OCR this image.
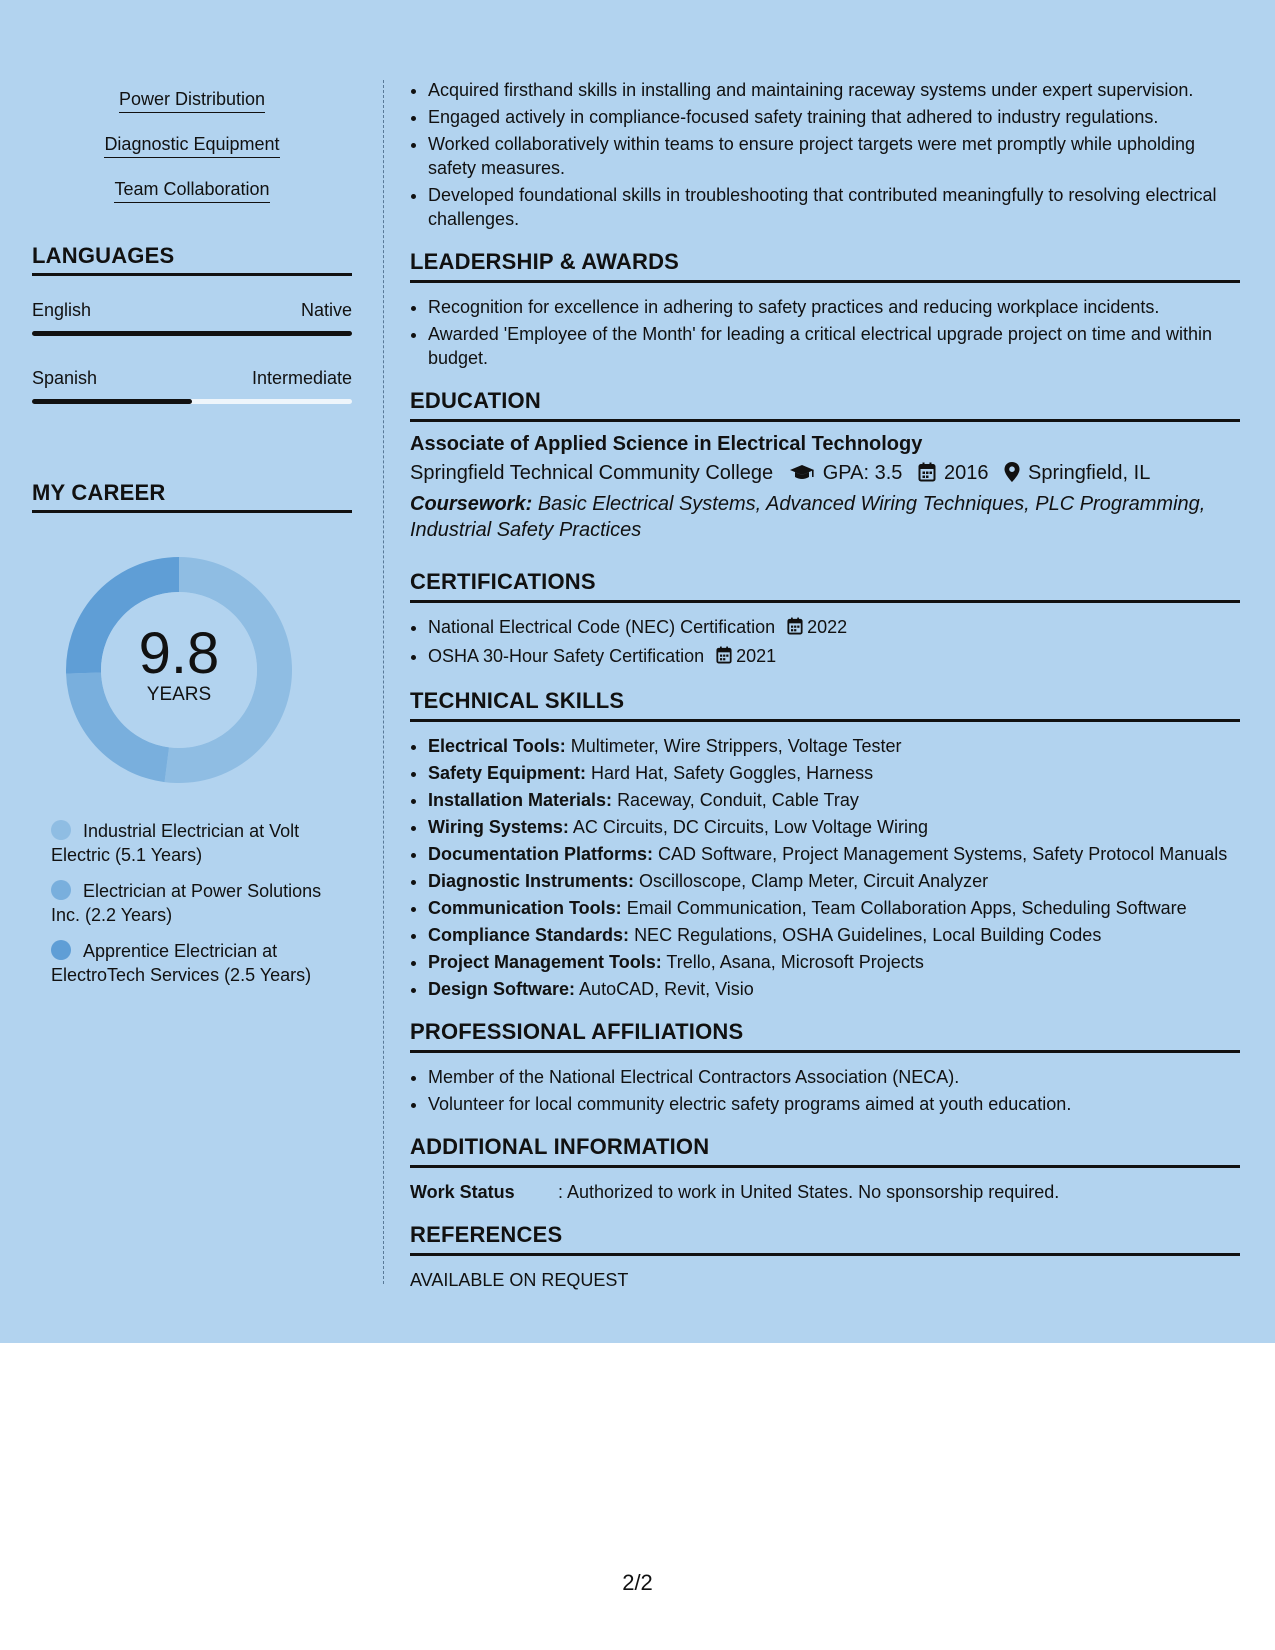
Power Distribution
Diagnostic Equipment
Team Collaboration
LANGUAGES
English	Native
Spanish	Intermediate
MY CAREER
9.8
YEARS
Industrial Electrician at Volt Electric (5.1 Years)
Electrician at Power Solutions Inc. (2.2 Years)
Apprentice Electrician at ElectroTech Services (2.5 Years)
• Acquired firsthand skills in installing and maintaining raceway systems under expert supervision.
• Engaged actively in compliance-focused safety training that adhered to industry regulations.
• Worked collaboratively within teams to ensure project targets were met promptly while upholding safety measures.
• Developed foundational skills in troubleshooting that contributed meaningfully to resolving electrical challenges.
LEADERSHIP & AWARDS
• Recognition for excellence in adhering to safety practices and reducing workplace incidents.
• Awarded 'Employee of the Month' for leading a critical electrical upgrade project on time and within budget.
EDUCATION
Associate of Applied Science in Electrical Technology
Springfield Technical Community College GPA: 3.5 2016 Springfield, IL
Coursework: Basic Electrical Systems, Advanced Wiring Techniques, PLC Programming, Industrial Safety Practices
CERTIFICATIONS
• National Electrical Code (NEC) Certification 2022
• OSHA 30-Hour Safety Certification 2021
TECHNICAL SKILLS
• Electrical Tools: Multimeter, Wire Strippers, Voltage Tester
• Safety Equipment: Hard Hat, Safety Goggles, Harness
• Installation Materials: Raceway, Conduit, Cable Tray
• Wiring Systems: AC Circuits, DC Circuits, Low Voltage Wiring
• Documentation Platforms: CAD Software, Project Management Systems, Safety Protocol Manuals
• Diagnostic Instruments: Oscilloscope, Clamp Meter, Circuit Analyzer
• Communication Tools: Email Communication, Team Collaboration Apps, Scheduling Software
• Compliance Standards: NEC Regulations, OSHA Guidelines, Local Building Codes
• Project Management Tools: Trello, Asana, Microsoft Projects
• Design Software: AutoCAD, Revit, Visio
PROFESSIONAL AFFILIATIONS
• Member of the National Electrical Contractors Association (NECA).
• Volunteer for local community electric safety programs aimed at youth education.
ADDITIONAL INFORMATION
Work Status : Authorized to work in United States. No sponsorship required.
REFERENCES
AVAILABLE ON REQUEST
2/2
